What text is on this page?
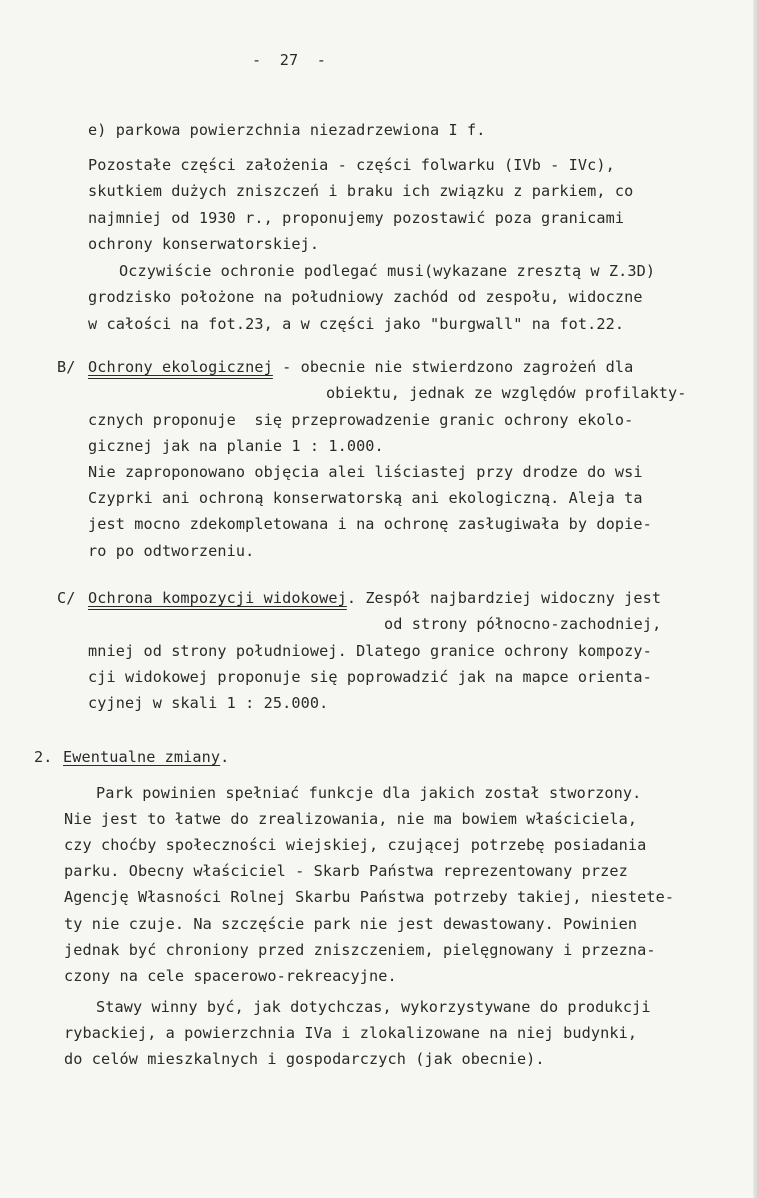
-  27  -
e) parkowa powierzchnia niezadrzewiona I f.
Pozostałe części założenia - części folwarku (IVb - IVc),
skutkiem dużych zniszczeń i braku ich związku z parkiem, co
najmniej od 1930 r., proponujemy pozostawić poza granicami
ochrony konserwatorskiej.
Oczywiście ochronie podlegać musi(wykazane zresztą w Z.3D)
grodzisko położone na południowy zachód od zespołu, widoczne
w całości na fot.23, a w części jako "burgwall" na fot.22.
B/ Ochrony ekologicznej - obecnie nie stwierdzono zagrożeń dla
obiektu, jednak ze względów profilakty-
cznych proponuje  się przeprowadzenie granic ochrony ekolo-
gicznej jak na planie 1 : 1.000.
Nie zaproponowano objęcia alei liściastej przy drodze do wsi
Czyprki ani ochroną konserwatorską ani ekologiczną. Aleja ta
jest mocno zdekompletowana i na ochronę zasługiwała by dopie-
ro po odtworzeniu.
C/ Ochrona kompozycji widokowej. Zespół najbardziej widoczny jest
od strony północno-zachodniej,
mniej od strony południowej. Dlatego granice ochrony kompozy-
cji widokowej proponuje się poprowadzić jak na mapce orienta-
cyjnej w skali 1 : 25.000.
2. Ewentualne zmiany.
Park powinien spełniać funkcje dla jakich został stworzony.
Nie jest to łatwe do zrealizowania, nie ma bowiem właściciela,
czy choćby społeczności wiejskiej, czującej potrzebę posiadania
parku. Obecny właściciel - Skarb Państwa reprezentowany przez
Agencję Własności Rolnej Skarbu Państwa potrzeby takiej, niestete-
ty nie czuje. Na szczęście park nie jest dewastowany. Powinien
jednak być chroniony przed zniszczeniem, pielęgnowany i przezna-
czony na cele spacerowo-rekreacyjne.
Stawy winny być, jak dotychczas, wykorzystywane do produkcji
rybackiej, a powierzchnia IVa i zlokalizowane na niej budynki,
do celów mieszkalnych i gospodarczych (jak obecnie).
